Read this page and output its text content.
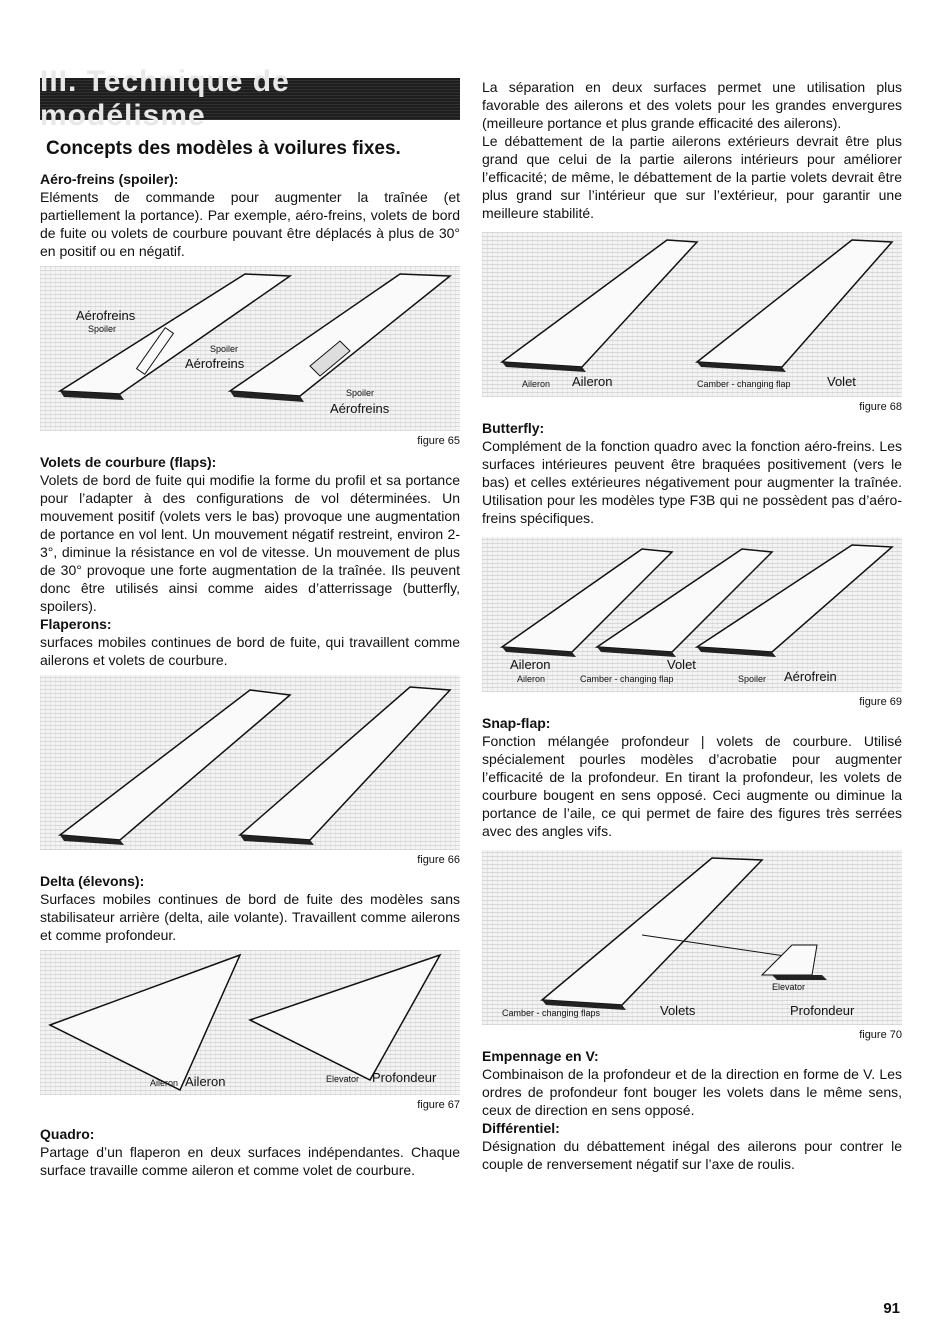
III. Technique de modélisme
Concepts des modèles à voilures fixes.
Aéro-freins (spoiler):

Eléments de commande pour augmenter la traînée (et partiellement la portance). Par exemple, aéro-freins, volets de bord de fuite ou volets de courbure pouvant être déplacés à plus de 30° en positif ou en négatif.

Aérofreins
Spoiler
Spoiler
Aérofreins
Spoiler
Aérofreins
figure 65
Volets de courbure (flaps):

Volets de bord de fuite qui modifie la forme du profil et sa portance pour l’adapter à des configurations de vol déterminées. Un mouvement positif (volets vers le bas) provoque une augmentation de portance en vol lent. Un mouvement négatif restreint, environ 2-3°, diminue la résistance en vol de vitesse. Un mouvement de plus de 30° provoque une forte augmentation de la traînée. Ils peuvent donc être utilisés ainsi comme aides d’atterrissage (butterfly, spoilers).

Flaperons:

surfaces mobiles continues de bord de fuite, qui travaillent comme ailerons et volets de courbure.

figure 66
Delta (élevons):

Surfaces mobiles continues de bord de fuite des modèles sans stabilisateur arrière (delta, aile volante). Travaillent comme ailerons et comme profondeur.

Aileron Aileron	Elevator Profondeur
figure 67
Quadro:

Partage d’un flaperon en deux surfaces indépendantes. Chaque surface travaille comme aileron et comme volet de courbure.

La séparation en deux surfaces permet une utilisation plus favorable des ailerons et des volets pour les grandes envergures (meilleure portance et plus grande efficacité des ailerons).

Le débattement de la partie ailerons extérieurs devrait être plus grand que celui de la partie ailerons intérieurs pour améliorer l’efficacité; de même, le débattement de la partie volets devrait être plus grand sur l’intérieur que sur l’extérieur, pour garantir une meilleure stabilité.

Aileron Aileron	Camber - changing flap	Volet
figure 68
Butterfly:

Complément de la fonction quadro avec la fonction aéro-freins. Les surfaces intérieures peuvent être braquées positivement (vers le bas) et celles extérieures négativement pour augmenter la traînée. Utilisation pour les modèles type F3B qui ne possèdent pas d’aéro-freins spécifiques.

Aileron
Aileron
Volet
Camber - changing flap	Spoiler Aérofrein
figure 69
Snap-flap:

Fonction mélangée profondeur | volets de courbure. Utilisé spécialement pourles modèles d’acrobatie pour augmenter l’efficacité de la profondeur. En tirant la profondeur, les volets de courbure bougent en sens opposé. Ceci augmente ou diminue la portance de l’aile, ce qui permet de faire des figures très serrées avec des angles vifs.

Camber - changing flaps	Volets
Elevator
Profondeur
figure 70
Empennage en V:

Combinaison de la profondeur et de la direction en forme de V. Les ordres de profondeur font bouger les volets dans le même sens, ceux de direction en sens opposé.

Différentiel:

Désignation du débattement inégal des ailerons pour contrer le couple de renversement négatif sur l’axe de roulis.

91
